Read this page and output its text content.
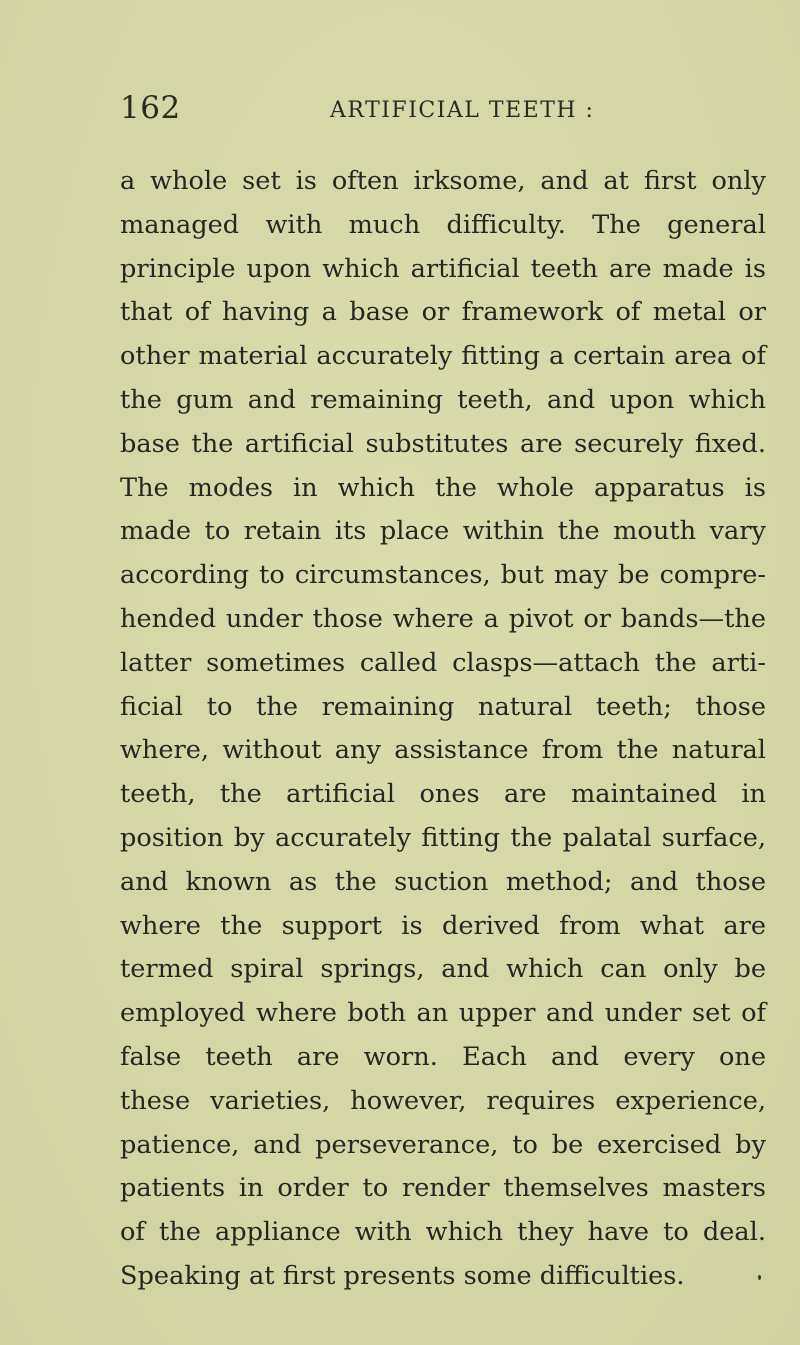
162	ARTIFICIAL TEETH :
a whole set is often irksome, and at first only
managed with much difficulty. The general
principle upon which artificial teeth are made is
that of having a base or framework of metal or
other material accurately fitting a certain area of
the gum and remaining teeth, and upon which
base the artificial substitutes are securely fixed.
The modes in which the whole apparatus is
made to retain its place within the mouth vary
according to circumstances, but may be compre-
hended under those where a pivot or bands—the
latter sometimes called clasps—attach the arti-
ficial to the remaining natural teeth; those
where, without any assistance from the natural
teeth, the artificial ones are maintained in
position by accurately fitting the palatal surface,
and known as the suction method; and those
where the support is derived from what are
termed spiral springs, and which can only be
employed where both an upper and under set of
false teeth are worn. Each and every one
these varieties, however, requires experience,
patience, and perseverance, to be exercised by
patients in order to render themselves masters
of the appliance with which they have to deal.
Speaking at first presents some difficulties.
